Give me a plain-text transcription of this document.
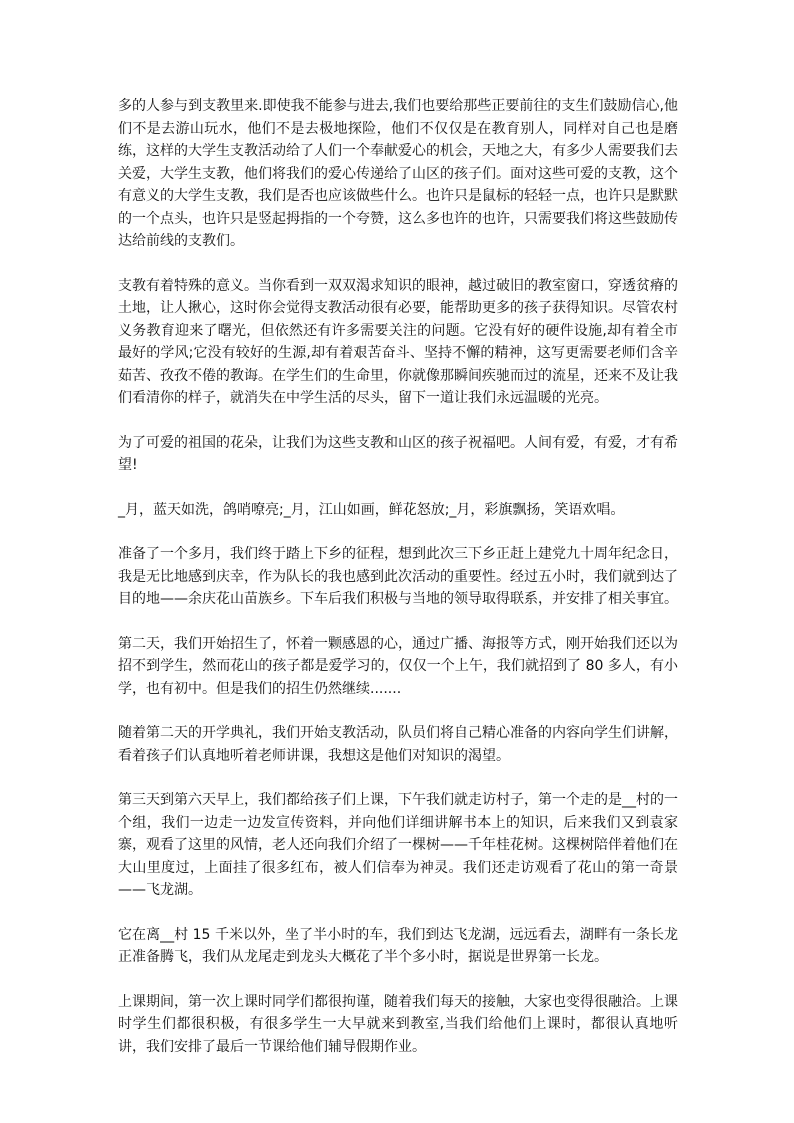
多的人参与到支教里来.即使我不能参与进去,我们也要给那些正要前往的支生们鼓励信心,他们不是去游山玩水，他们不是去极地探险，他们不仅仅是在教育别人，同样对自己也是磨练，这样的大学生支教活动给了人们一个奉献爱心的机会，天地之大，有多少人需要我们去关爱，大学生支教，他们将我们的爱心传递给了山区的孩子们。面对这些可爱的支教，这个有意义的大学生支教，我们是否也应该做些什么。也许只是鼠标的轻轻一点，也许只是默默的一个点头，也许只是竖起拇指的一个夸赞，这么多也许的也许，只需要我们将这些鼓励传达给前线的支教们。

支教有着特殊的意义。当你看到一双双渴求知识的眼神，越过破旧的教室窗口，穿透贫瘠的土地，让人揪心，这时你会觉得支教活动很有必要，能帮助更多的孩子获得知识。尽管农村义务教育迎来了曙光，但依然还有许多需要关注的问题。它没有好的硬件设施,却有着全市最好的学风;它没有较好的生源,却有着艰苦奋斗、坚持不懈的精神，这写更需要老师们含辛茹苦、孜孜不倦的教诲。在学生们的生命里，你就像那瞬间疾驰而过的流星，还来不及让我们看清你的样子，就消失在中学生活的尽头，留下一道让我们永远温暖的光亮。

为了可爱的祖国的花朵，让我们为这些支教和山区的孩子祝福吧。人间有爱，有爱，才有希望!

_月，蓝天如洗，鸽哨嘹亮;_月，江山如画，鲜花怒放;_月，彩旗飘扬，笑语欢唱。

准备了一个多月，我们终于踏上下乡的征程，想到此次三下乡正赶上建党九十周年纪念日，我是无比地感到庆幸，作为队长的我也感到此次活动的重要性。经过五小时，我们就到达了目的地——余庆花山苗族乡。下车后我们积极与当地的领导取得联系，并安排了相关事宜。

第二天，我们开始招生了，怀着一颗感恩的心，通过广播、海报等方式，刚开始我们还以为招不到学生，然而花山的孩子都是爱学习的，仅仅一个上午，我们就招到了 80 多人，有小学，也有初中。但是我们的招生仍然继续.......

随着第二天的开学典礼，我们开始支教活动，队员们将自己精心准备的内容向学生们讲解，看着孩子们认真地听着老师讲课，我想这是他们对知识的渴望。

第三天到第六天早上，我们都给孩子们上课，下午我们就走访村子，第一个走的是__村的一个组，我们一边走一边发宣传资料，并向他们详细讲解书本上的知识，后来我们又到袁家寨，观看了这里的风情，老人还向我们介绍了一棵树——千年桂花树。这棵树陪伴着他们在大山里度过，上面挂了很多红布，被人们信奉为神灵。我们还走访观看了花山的第一奇景——飞龙湖。

它在离__村 15 千米以外，坐了半小时的车，我们到达飞龙湖，远远看去，湖畔有一条长龙正准备腾飞，我们从龙尾走到龙头大概花了半个多小时，据说是世界第一长龙。

上课期间，第一次上课时同学们都很拘谨，随着我们每天的接触，大家也变得很融洽。上课时学生们都很积极，有很多学生一大早就来到教室,当我们给他们上课时，都很认真地听讲，我们安排了最后一节课给他们辅导假期作业。
